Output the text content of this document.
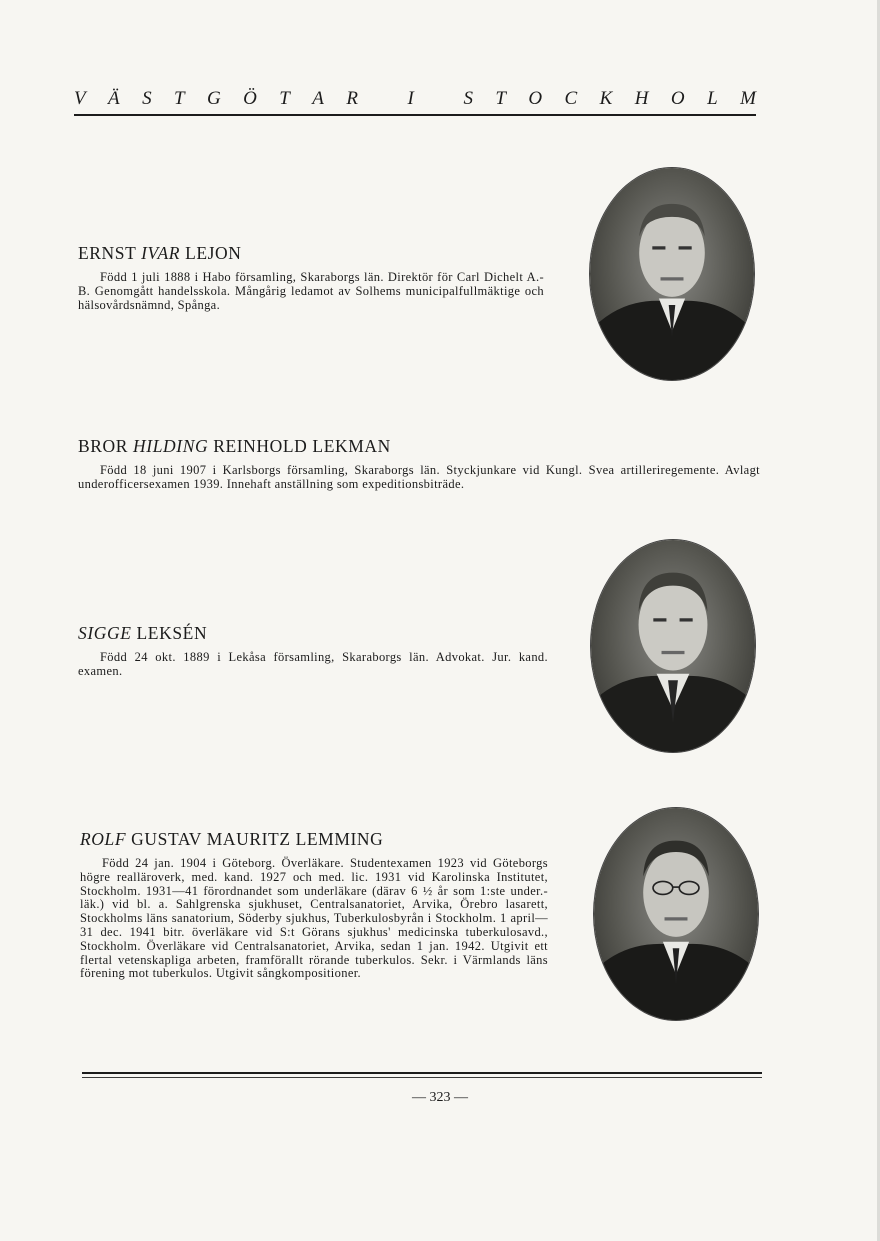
V Ä S T G Ö T A R
	I
	S T O C K H O L M
ERNST IVAR LEJON

Född 1 juli 1888 i Habo församling, Skaraborgs län. Direktör för Carl Dichelt A.-B. Genomgått handelsskola. Mångårig ledamot av Solhems municipalfullmäktige och hälsovårdsnämnd, Spånga.

BROR HILDING REINHOLD LEKMAN

Född 18 juni 1907 i Karlsborgs församling, Skaraborgs län. Styckjunkare vid Kungl. Svea artilleriregemente. Avlagt underofficersexamen 1939. Innehaft anställning som expeditionsbiträde.

SIGGE LEKSÉN

Född 24 okt. 1889 i Lekåsa församling, Skaraborgs län. Advokat. Jur. kand. examen.

ROLF GUSTAV MAURITZ LEMMING

Född 24 jan. 1904 i Göteborg. Överläkare. Studentexamen 1923 vid Göteborgs högre realläroverk, med. kand. 1927 och med. lic. 1931 vid Karolinska Institutet, Stockholm. 1931—41 förordnandet som underläkare (därav 6 ½ år som 1:ste under.-läk.) vid bl. a. Sahlgrenska sjukhuset, Centralsanatoriet, Arvika, Örebro lasarett, Stockholms läns sanatorium, Söderby sjukhus, Tuberkulosbyrån i Stockholm. 1 april—31 dec. 1941 bitr. överläkare vid S:t Görans sjukhus' medicinska tuberkulosavd., Stockholm. Överläkare vid Centralsanatoriet, Arvika, sedan 1 jan. 1942. Utgivit ett flertal vetenskapliga arbeten, framförallt rörande tuberkulos. Sekr. i Värmlands läns förening mot tuberkulos. Utgivit sångkompositioner.

— 323 —
